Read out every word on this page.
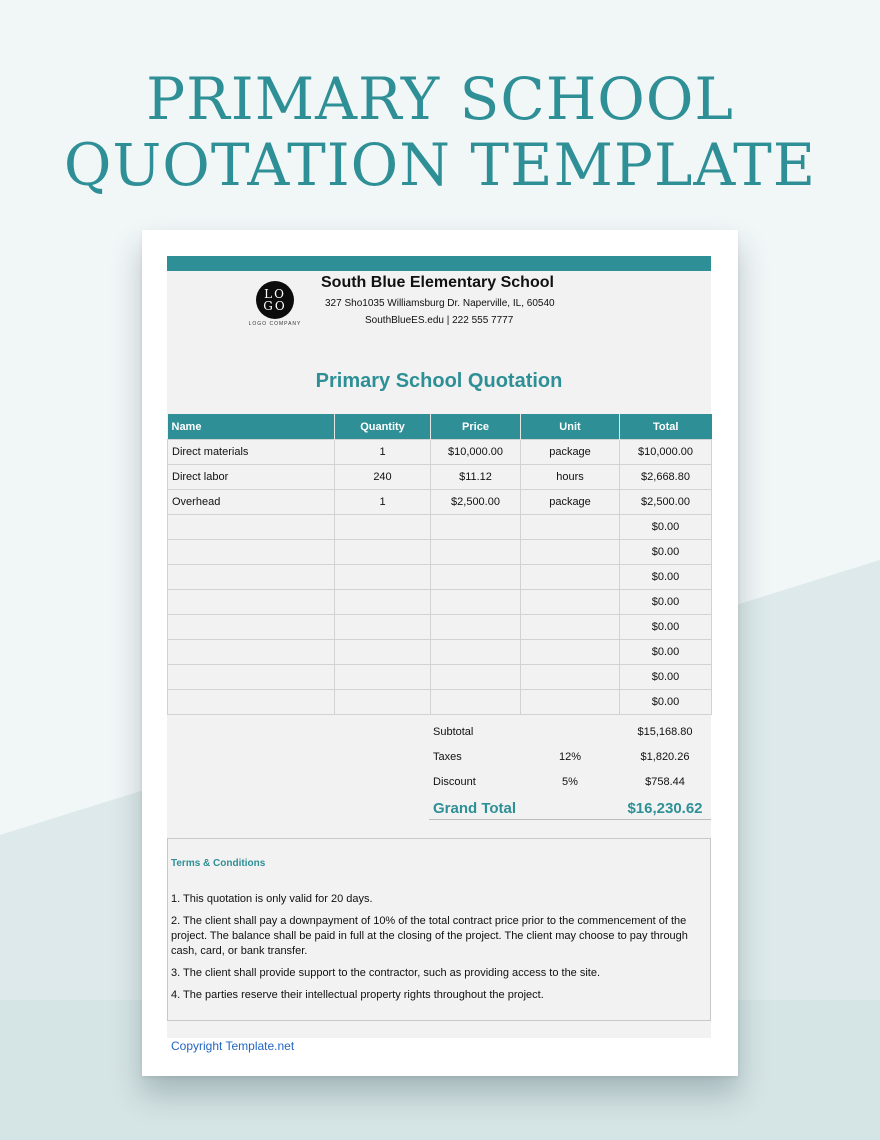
PRIMARY SCHOOL
QUOTATION TEMPLATE
LO
GO
LOGO COMPANY
South Blue Elementary School
327 Sho1035 Williamsburg Dr. Naperville, IL, 60540
SouthBlueES.edu | 222 555 7777
Primary School Quotation
Name	Quantity	Price	Unit	Total
Direct materials	1	$10,000.00	package	$10,000.00
Direct labor	240	$11.12	hours	$2,668.80
Overhead	1	$2,500.00	package	$2,500.00
				$0.00
				$0.00
				$0.00
				$0.00
				$0.00
				$0.00
				$0.00
				$0.00
Subtotal	$15,168.80
Taxes	12%	$1,820.26
Discount	5%	$758.44
Grand Total	$16,230.62
Terms & Conditions
1. This quotation is only valid for 20 days.
2. The client shall pay a downpayment of 10% of the total contract price prior to the commencement of the project. The balance shall be paid in full at the closing of the project. The client may choose to pay through cash, card, or bank transfer.
3. The client shall provide support to the contractor, such as providing access to the site.
4. The parties reserve their intellectual property rights throughout the project.
Copyright Template.net
